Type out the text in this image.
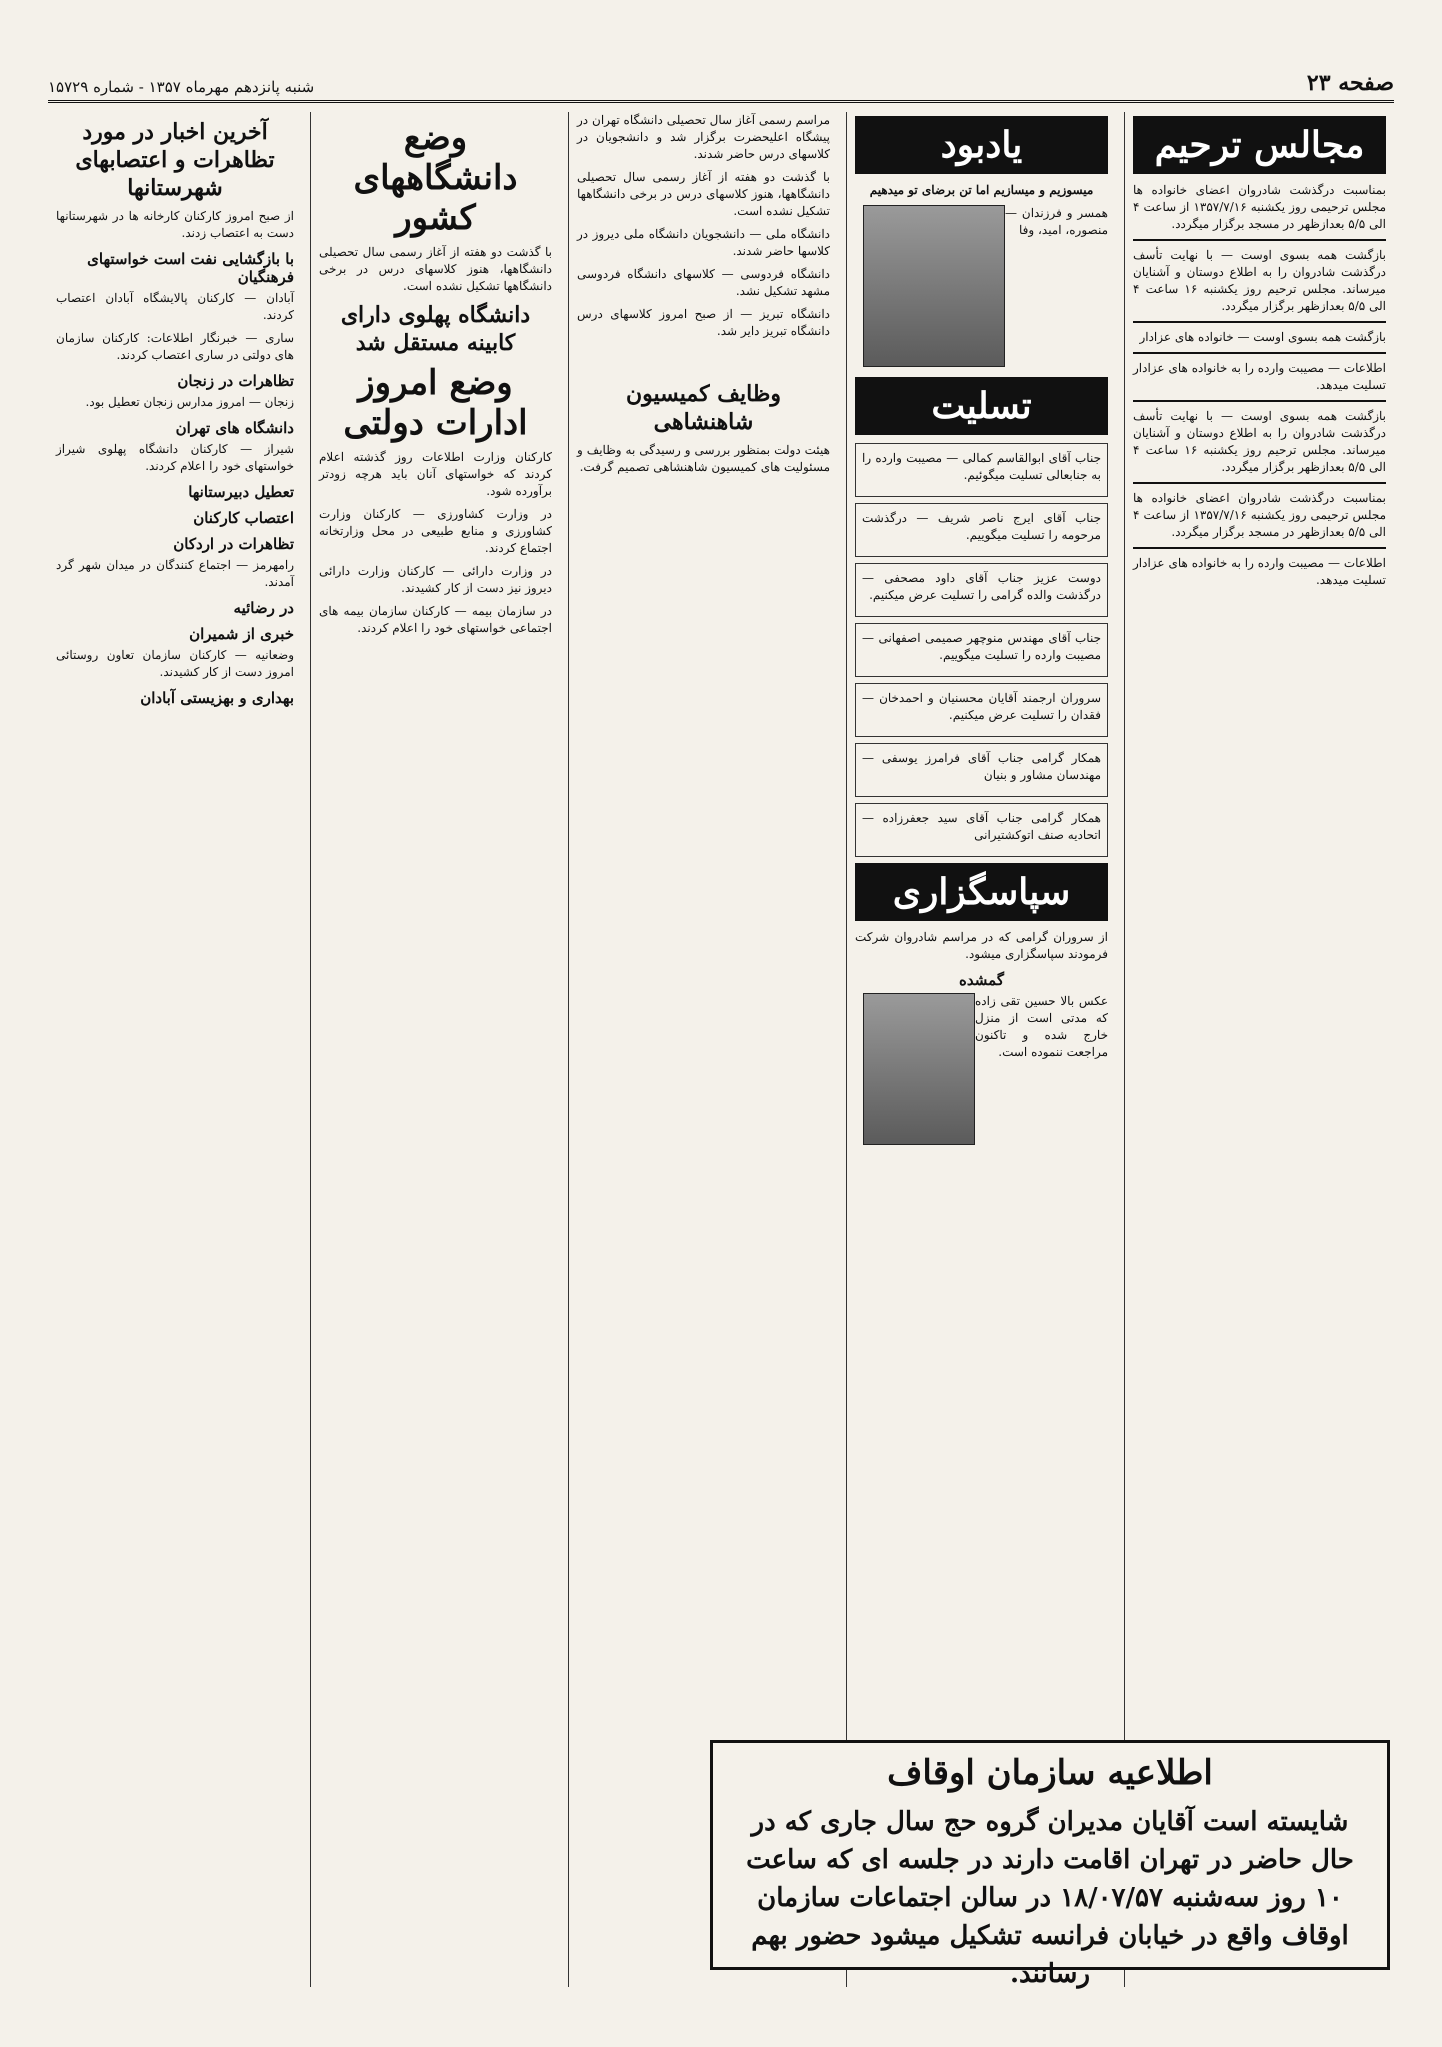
صفحه ۲۳
شنبه پانزدهم مهرماه ۱۳۵۷ - شماره ۱۵۷۲۹
مجالس ترحیم

بمناسبت درگذشت شادروان اعضای خانواده ها مجلس ترحیمی روز یکشنبه ۱۳۵۷/۷/۱۶ از ساعت ۴ الی ۵/۵ بعدازظهر در مسجد برگزار میگردد.

بازگشت همه بسوی اوست — با نهایت تأسف درگذشت شادروان را به اطلاع دوستان و آشنایان میرساند. مجلس ترحیم روز یکشنبه ۱۶ ساعت ۴ الی ۵/۵ بعدازظهر برگزار میگردد.

بازگشت همه بسوی اوست — خانواده های عزادار

اطلاعات — مصیبت وارده را به خانواده های عزادار تسلیت میدهد.

بازگشت همه بسوی اوست — با نهایت تأسف درگذشت شادروان را به اطلاع دوستان و آشنایان میرساند. مجلس ترحیم روز یکشنبه ۱۶ ساعت ۴ الی ۵/۵ بعدازظهر برگزار میگردد.

بمناسبت درگذشت شادروان اعضای خانواده ها مجلس ترحیمی روز یکشنبه ۱۳۵۷/۷/۱۶ از ساعت ۴ الی ۵/۵ بعدازظهر در مسجد برگزار میگردد.

اطلاعات — مصیبت وارده را به خانواده های عزادار تسلیت میدهد.

یادبود

میسوزیم و میسازیم اما تن برضای تو میدهیم

همسر و فرزندان — منصوره، امید، وفا

تسلیت

جناب آقای ابوالقاسم کمالی — مصیبت وارده را به جنابعالی تسلیت میگوئیم.

جناب آقای ایرج ناصر شریف — درگذشت مرحومه را تسلیت میگوییم.

دوست عزیز جناب آقای داود مصحفی — درگذشت والده گرامی را تسلیت عرض میکنیم.

جناب آقای مهندس منوچهر صمیمی اصفهانی — مصیبت وارده را تسلیت میگوییم.

سروران ارجمند آقایان محسنیان و احمدخان — فقدان را تسلیت عرض میکنیم.

همکار گرامی جناب آقای فرامرز یوسفی — مهندسان مشاور و بنیان

همکار گرامی جناب آقای سید جعفرزاده — اتحادیه صنف اتوکشتیرانی

سپاسگزاری

از سروران گرامی که در مراسم شادروان شرکت فرمودند سپاسگزاری میشود.

گمشده

عکس بالا حسین تقی زاده که مدتی است از منزل خارج شده و تاکنون مراجعت ننموده است.

مراسم رسمی آغاز سال تحصیلی دانشگاه تهران در پیشگاه اعلیحضرت برگزار شد و دانشجویان در کلاسهای درس حاضر شدند.

با گذشت دو هفته از آغاز رسمی سال تحصیلی دانشگاهها، هنوز کلاسهای درس در برخی دانشگاهها تشکیل نشده است.

دانشگاه ملی — دانشجویان دانشگاه ملی دیروز در کلاسها حاضر شدند.

دانشگاه فردوسی — کلاسهای دانشگاه فردوسی مشهد تشکیل نشد.

دانشگاه تبریز — از صبح امروز کلاسهای درس دانشگاه تبریز دایر شد.

وظایف کمیسیون شاهنشاهی

هیئت دولت بمنظور بررسی و رسیدگی به وظایف و مسئولیت های کمیسیون شاهنشاهی تصمیم گرفت.

وضع دانشگاههای کشور

با گذشت دو هفته از آغاز رسمی سال تحصیلی دانشگاهها، هنوز کلاسهای درس در برخی دانشگاهها تشکیل نشده است.

دانشگاه پهلوی دارای کابینه مستقل شد
وضع امروز ادارات دولتی

کارکنان وزارت اطلاعات روز گذشته اعلام کردند که خواستهای آنان باید هرچه زودتر برآورده شود.

در وزارت کشاورزی — کارکنان وزارت کشاورزی و منابع طبیعی در محل وزارتخانه اجتماع کردند.

در وزارت دارائی — کارکنان وزارت دارائی دیروز نیز دست از کار کشیدند.

در سازمان بیمه — کارکنان سازمان بیمه های اجتماعی خواستهای خود را اعلام کردند.

آخرین اخبار در مورد تظاهرات و اعتصابهای شهرستانها

از صبح امروز کارکنان کارخانه ها در شهرستانها دست به اعتصاب زدند.

با بازگشایی نفت است خواستهای فرهنگیان

آبادان — کارکنان پالایشگاه آبادان اعتصاب کردند.

ساری — خبرنگار اطلاعات: کارکنان سازمان های دولتی در ساری اعتصاب کردند.

تظاهرات در زنجان

زنجان — امروز مدارس زنجان تعطیل بود.

دانشگاه های تهران

شیراز — کارکنان دانشگاه پهلوی شیراز خواستهای خود را اعلام کردند.

تعطیل دبیرستانها
اعتصاب کارکنان
تظاهرات در اردکان

رامهرمز — اجتماع کنندگان در میدان شهر گرد آمدند.

در رضائیه
خبری از شمیران

وضعانیه — کارکنان سازمان تعاون روستائی امروز دست از کار کشیدند.

بهداری و بهزیستی آبادان
اطلاعیه سازمان اوقاف
شایسته است آقایان مدیران گروه حج سال جاری که در حال حاضر در تهران اقامت دارند در جلسه ای که ساعت ۱۰ روز سه‌شنبه ۱۸/۰۷/۵۷ در سالن اجتماعات سازمان اوقاف واقع در خیابان فرانسه تشکیل میشود حضور بهم رسانند.
